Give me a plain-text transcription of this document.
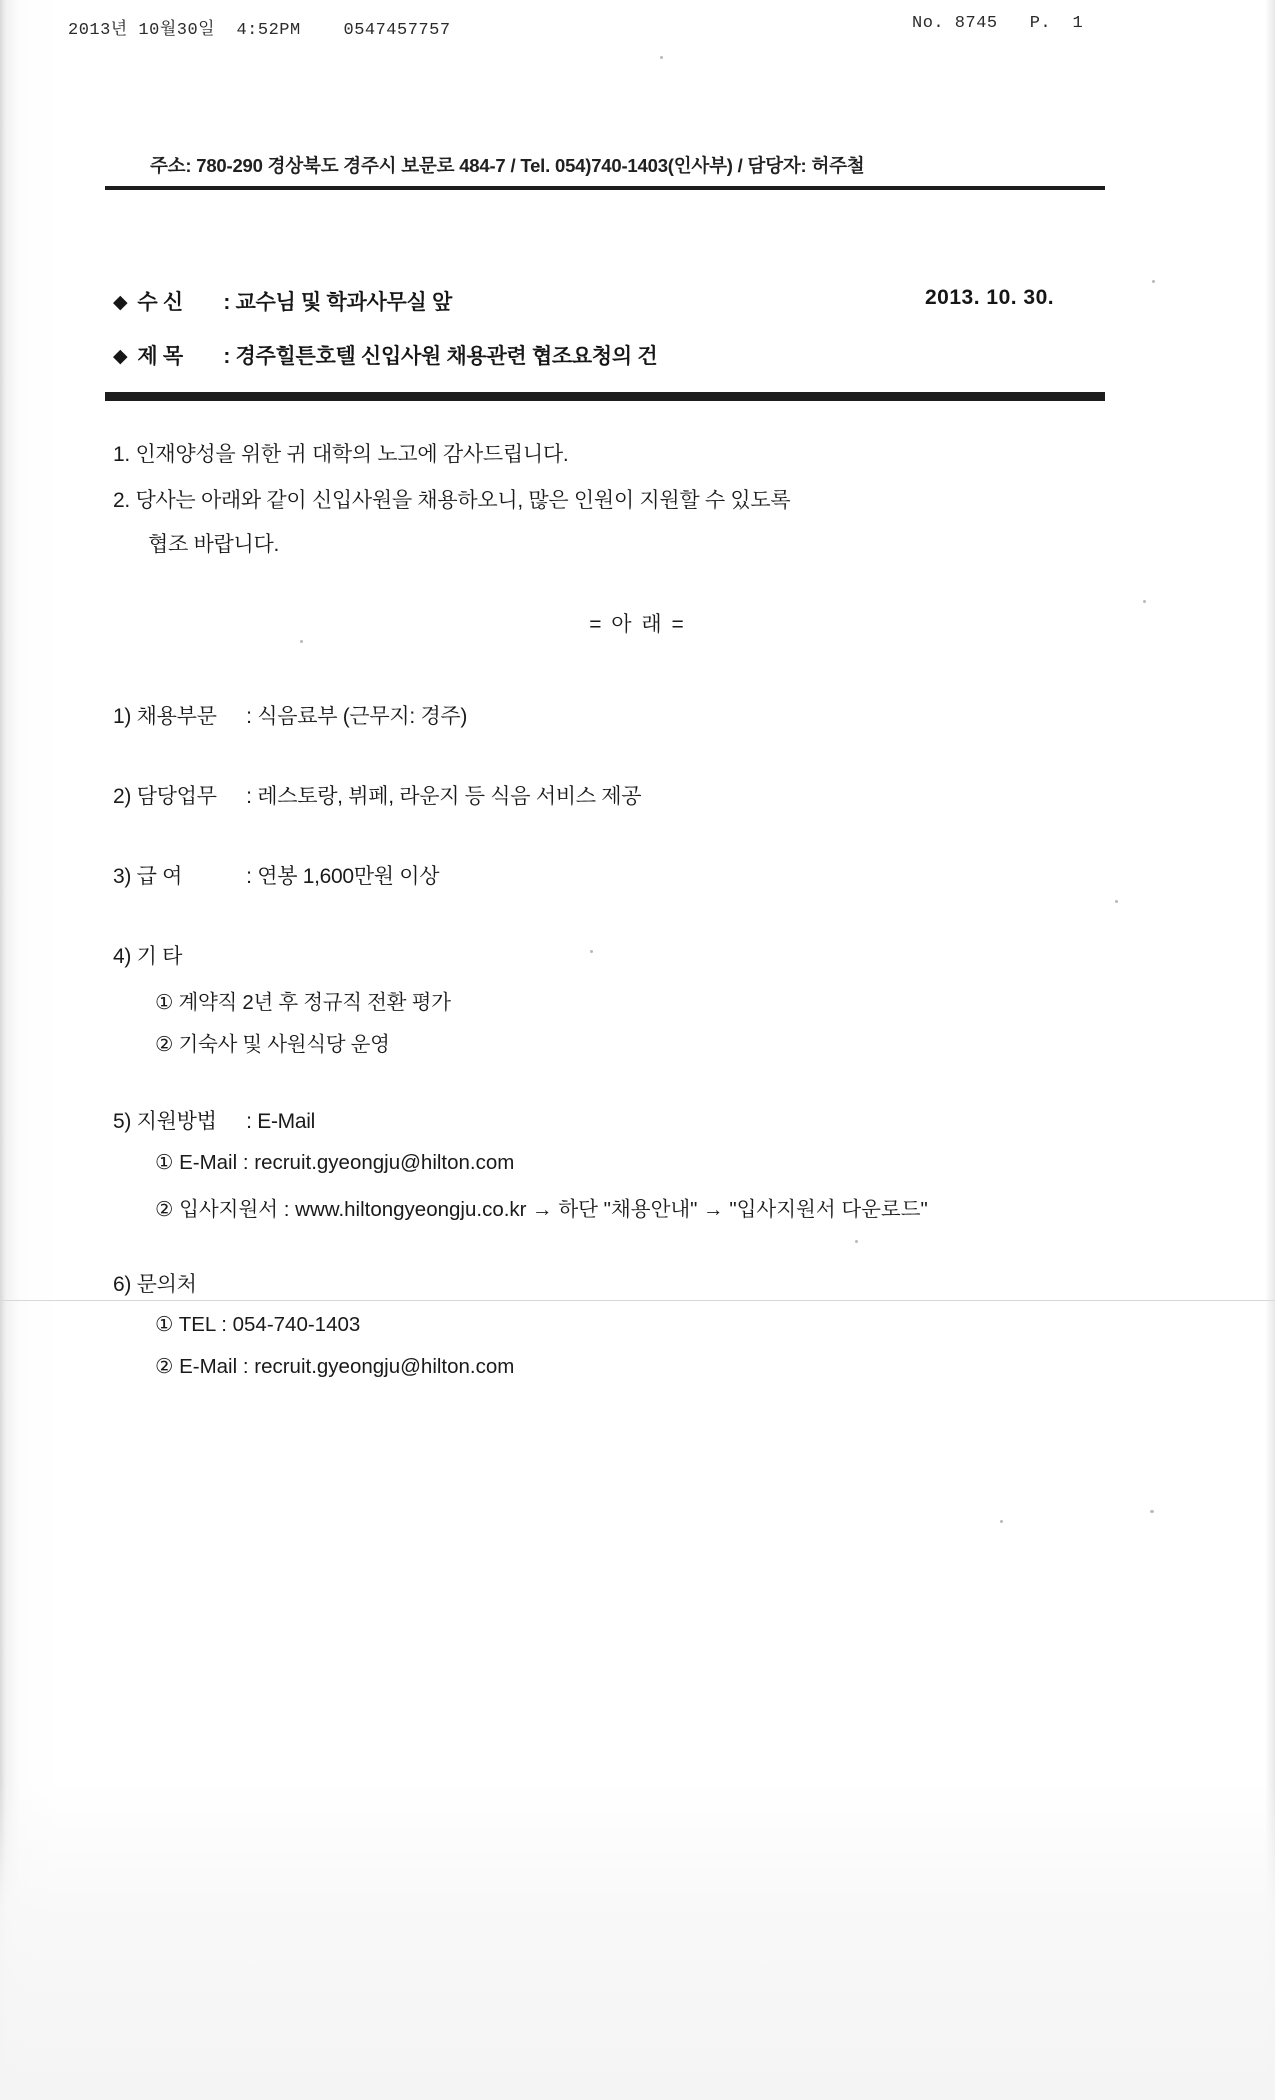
2013년 10월30일  4:52PM    0547457757	No. 8745   P.  1
주소: 780-290 경상북도 경주시 보문로 484-7 / Tel. 054)740-1403(인사부) / 담당자: 허주철
◆ 수 신 : 교수님 및 학과사무실 앞	2013. 10. 30.
◆ 제 목 : 경주힐튼호텔 신입사원 채용관련 협조요청의 건
1. 인재양성을 위한 귀 대학의 노고에 감사드립니다.
2. 당사는 아래와 같이 신입사원을 채용하오니, 많은 인원이 지원할 수 있도록
협조 바랍니다.
= 아 래 =
1) 채용부문 : 식음료부 (근무지: 경주)
2) 담당업무 : 레스토랑, 뷔페, 라운지 등 식음 서비스 제공
3) 급 여	: 연봉 1,600만원 이상
4) 기 타
① 계약직 2년 후 정규직 전환 평가
② 기숙사 및 사원식당 운영
5) 지원방법 : E-Mail
① E-Mail : recruit.gyeongju@hilton.com
② 입사지원서 : www.hiltongyeongju.co.kr → 하단 "채용안내" → "입사지원서 다운로드"
6) 문의처
① TEL : 054-740-1403
② E-Mail : recruit.gyeongju@hilton.com
